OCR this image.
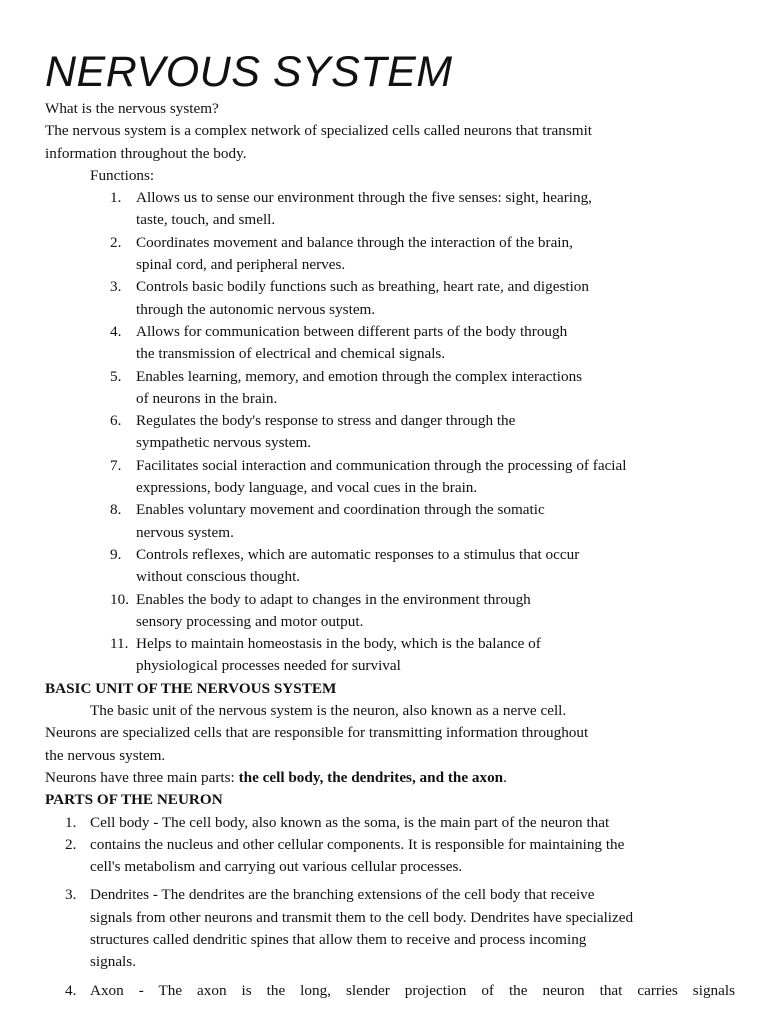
NERVOUS SYSTEM

What is the nervous system?

The nervous system is a complex network of specialized cells called neurons that transmit

information throughout the body.

Functions:

1. Allows us to sense our environment through the five senses: sight, hearing,
taste, touch, and smell.
2. Coordinates movement and balance through the interaction of the brain,
spinal cord, and peripheral nerves.
3. Controls basic bodily functions such as breathing, heart rate, and digestion
through the autonomic nervous system.
4. Allows for communication between different parts of the body through
the transmission of electrical and chemical signals.
5. Enables learning, memory, and emotion through the complex interactions
of neurons in the brain.
6. Regulates the body's response to stress and danger through the
sympathetic nervous system.
7. Facilitates social interaction and communication through the processing of facial
expressions, body language, and vocal cues in the brain.
8. Enables voluntary movement and coordination through the somatic
nervous system.
9. Controls reflexes, which are automatic responses to a stimulus that occur
without conscious thought.
10. Enables the body to adapt to changes in the environment through
sensory processing and motor output.
11. Helps to maintain homeostasis in the body, which is the balance of
physiological processes needed for survival

BASIC UNIT OF THE NERVOUS SYSTEM

The basic unit of the nervous system is the neuron, also known as a nerve cell.

Neurons are specialized cells that are responsible for transmitting information throughout

the nervous system.

Neurons have three main parts: the cell body, the dendrites, and the axon.

PARTS OF THE NEURON

1. Cell body - The cell body, also known as the soma, is the main part of the neuron that
2. contains the nucleus and other cellular components. It is responsible for maintaining the
cell's metabolism and carrying out various cellular processes.
3. Dendrites - The dendrites are the branching extensions of the cell body that receive
signals from other neurons and transmit them to the cell body. Dendrites have specialized
structures called dendritic spines that allow them to receive and process incoming
signals.
4. Axon - The axon is the long, slender projection of the neuron that carries signals
